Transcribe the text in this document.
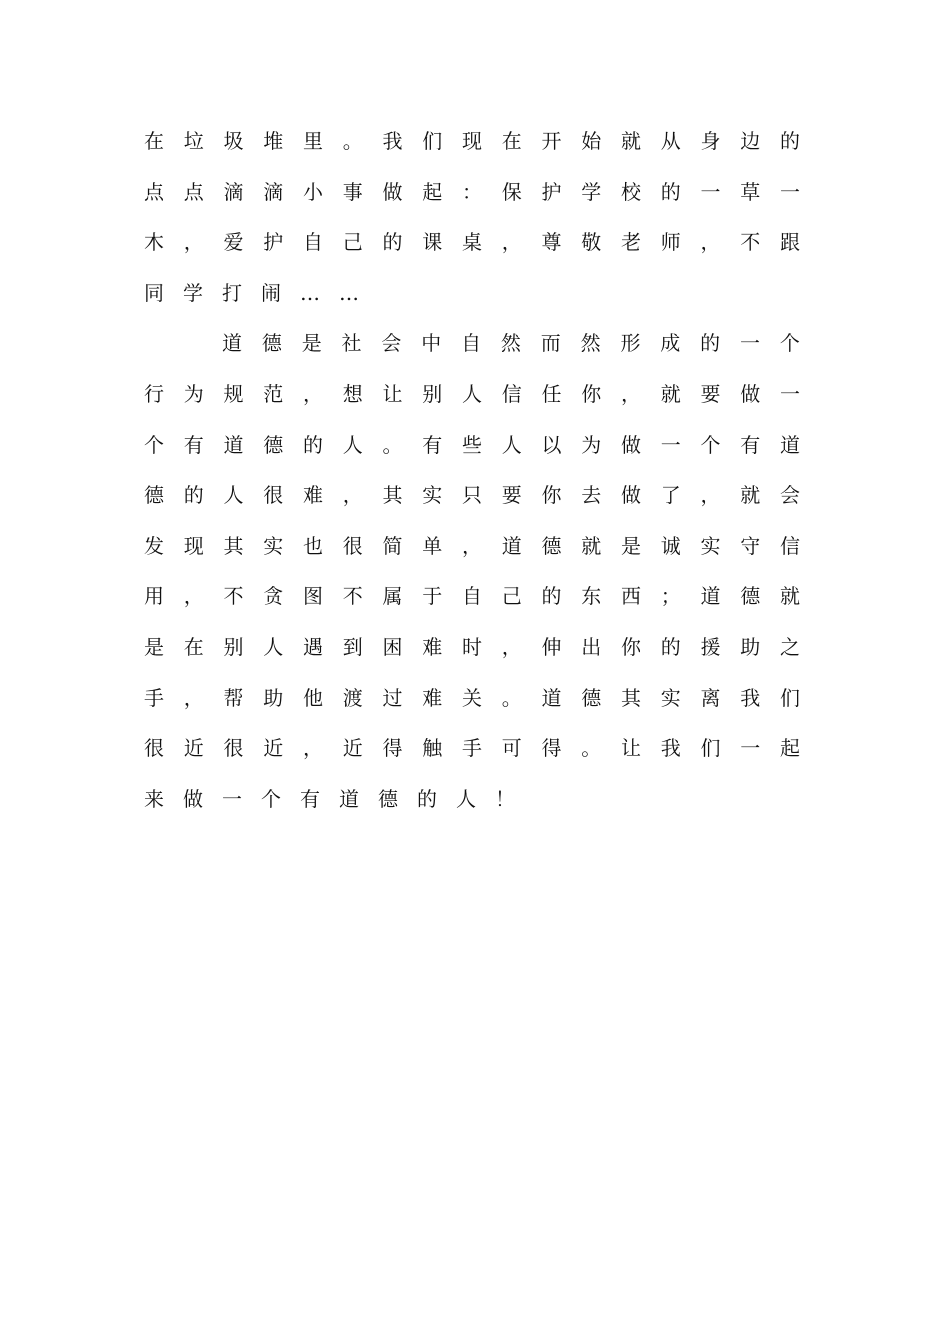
在 垃 圾 堆 里 。 我 们 现 在 开 始 就 从 身 边 的
点 点 滴 滴 小 事 做 起 ： 保 护 学 校 的 一 草 一
木 ， 爱 护 自 己 的 课 桌 ， 尊 敬 老 师 ， 不 跟
同 学 打 闹 … …
道 德 是 社 会 中 自 然 而 然 形 成 的 一 个
行 为 规 范 ， 想 让 别 人 信 任 你 ， 就 要 做 一
个 有 道 德 的 人 。 有 些 人 以 为 做 一 个 有 道
德 的 人 很 难 ， 其 实 只 要 你 去 做 了 ， 就 会
发 现 其 实 也 很 简 单 ， 道 德 就 是 诚 实 守 信
用 ， 不 贪 图 不 属 于 自 己 的 东 西 ； 道 德 就
是 在 别 人 遇 到 困 难 时 ， 伸 出 你 的 援 助 之
手 ， 帮 助 他 渡 过 难 关 。 道 德 其 实 离 我 们
很 近 很 近 ， 近 得 触 手 可 得 。 让 我 们 一 起
来 做 一 个 有 道 德 的 人 ！
